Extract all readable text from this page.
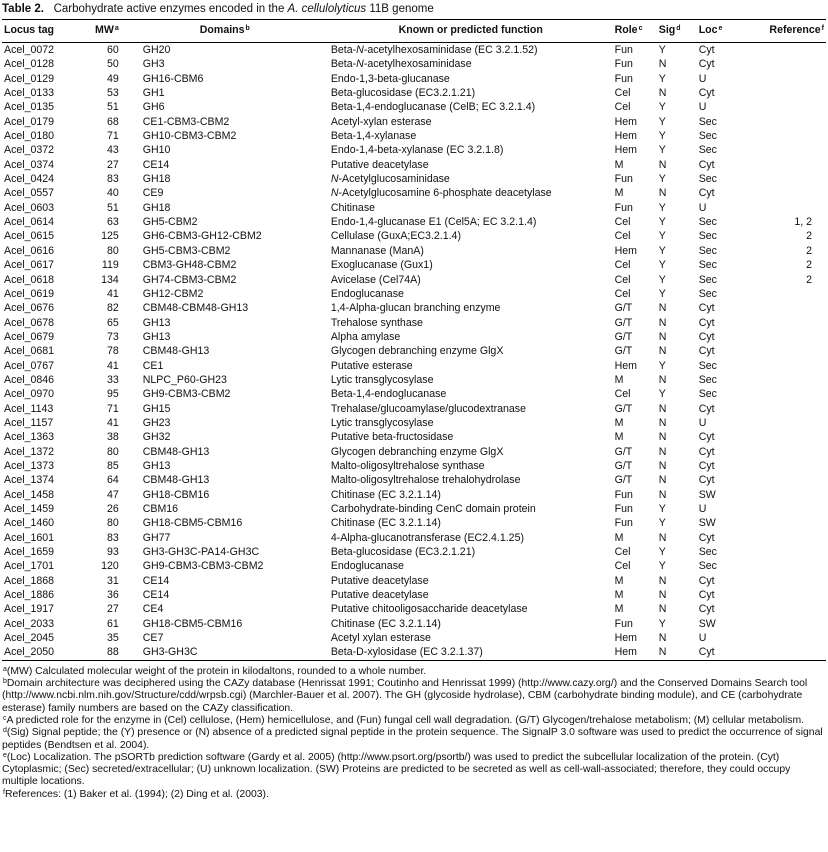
Table 2. Carbohydrate active enzymes encoded in the A. cellulolyticus 11B genome
Locus tag	$MW^a$	Domains$^b$	Known or predicted function	Role$^c$	Sig$^d$	Loc$^e$	Reference$^f$

Acel_0072	60	GH20	Beta-N-acetylhexosaminidase (EC 3.2.1.52)	Fun	Y	Cyt	
Acel_0128	50	GH3	Beta-N-acetylhexosaminidase	Fun	N	Cyt	
Acel_0129	49	GH16-CBM6	Endo-1,3-beta-glucanase	Fun	Y	U	
Acel_0133	53	GH1	Beta-glucosidase (EC3.2.1.21)	Cel	N	Cyt	
Acel_0135	51	GH6	Beta-1,4-endoglucanase (CelB; EC 3.2.1.4)	Cel	Y	U	
Acel_0179	68	CE1-CBM3-CBM2	Acetyl-xylan esterase	Hem	Y	Sec	
Acel_0180	71	GH10-CBM3-CBM2	Beta-1,4-xylanase	Hem	Y	Sec	
Acel_0372	43	GH10	Endo-1,4-beta-xylanase (EC 3.2.1.8)	Hem	Y	Sec	
Acel_0374	27	CE14	Putative deacetylase	M	N	Cyt	
Acel_0424	83	GH18	N-Acetylglucosaminidase	Fun	Y	Sec	
Acel_0557	40	CE9	N-Acetylglucosamine 6-phosphate deacetylase	M	N	Cyt	
Acel_0603	51	GH18	Chitinase	Fun	Y	U	
Acel_0614	63	GH5-CBM2	Endo-1,4-glucanase E1 (Cel5A; EC 3.2.1.4)	Cel	Y	Sec	1, 2
Acel_0615	125	GH6-CBM3-GH12-CBM2	Cellulase (GuxA;EC3.2.1.4)	Cel	Y	Sec	2
Acel_0616	80	GH5-CBM3-CBM2	Mannanase (ManA)	Hem	Y	Sec	2
Acel_0617	119	CBM3-GH48-CBM2	Exoglucanase (Gux1)	Cel	Y	Sec	2
Acel_0618	134	GH74-CBM3-CBM2	Avicelase (Cel74A)	Cel	Y	Sec	2
Acel_0619	41	GH12-CBM2	Endoglucanase	Cel	Y	Sec	
Acel_0676	82	CBM48-CBM48-GH13	1,4-Alpha-glucan branching enzyme	G/T	N	Cyt	
Acel_0678	65	GH13	Trehalose synthase	G/T	N	Cyt	
Acel_0679	73	GH13	Alpha amylase	G/T	N	Cyt	
Acel_0681	78	CBM48-GH13	Glycogen debranching enzyme GlgX	G/T	N	Cyt	
Acel_0767	41	CE1	Putative esterase	Hem	Y	Sec	
Acel_0846	33	NLPC_P60-GH23	Lytic transglycosylase	M	N	Sec	
Acel_0970	95	GH9-CBM3-CBM2	Beta-1,4-endoglucanase	Cel	Y	Sec	
Acel_1143	71	GH15	Trehalase/glucoamylase/glucodextranase	G/T	N	Cyt	
Acel_1157	41	GH23	Lytic transglycosylase	M	N	U	
Acel_1363	38	GH32	Putative beta-fructosidase	M	N	Cyt	
Acel_1372	80	CBM48-GH13	Glycogen debranching enzyme GlgX	G/T	N	Cyt	
Acel_1373	85	GH13	Malto-oligosyltrehalose synthase	G/T	N	Cyt	
Acel_1374	64	CBM48-GH13	Malto-oligosyltrehalose trehalohydrolase	G/T	N	Cyt	
Acel_1458	47	GH18-CBM16	Chitinase (EC 3.2.1.14)	Fun	N	SW	
Acel_1459	26	CBM16	Carbohydrate-binding CenC domain protein	Fun	Y	U	
Acel_1460	80	GH18-CBM5-CBM16	Chitinase (EC 3.2.1.14)	Fun	Y	SW	
Acel_1601	83	GH77	4-Alpha-glucanotransferase (EC2.4.1.25)	M	N	Cyt	
Acel_1659	93	GH3-GH3C-PA14-GH3C	Beta-glucosidase (EC3.2.1.21)	Cel	Y	Sec	
Acel_1701	120	GH9-CBM3-CBM3-CBM2	Endoglucanase	Cel	Y	Sec	
Acel_1868	31	CE14	Putative deacetylase	M	N	Cyt	
Acel_1886	36	CE14	Putative deacetylase	M	N	Cyt	
Acel_1917	27	CE4	Putative chitooligosaccharide deacetylase	M	N	Cyt	
Acel_2033	61	GH18-CBM5-CBM16	Chitinase (EC 3.2.1.14)	Fun	Y	SW	
Acel_2045	35	CE7	Acetyl xylan esterase	Hem	N	U	
Acel_2050	88	GH3-GH3C	Beta-D-xylosidase (EC 3.2.1.37)	Hem	N	Cyt	

$^a$(MW) Calculated molecular weight of the protein in kilodaltons, rounded to a whole number.

$^b$Domain architecture was deciphered using the CAZy database (Henrissat 1991; Coutinho and Henrissat 1999) (http://www.cazy.org/) and the Conserved Domains Search tool (http://www.ncbi.nlm.nih.gov/Structure/cdd/wrpsb.cgi) (Marchler-Bauer et al. 2007). The GH (glycoside hydrolase), CBM (carbohydrate binding module), and CE (carbohydrate esterase) family numbers are based on the CAZy classification.

$^c$A predicted role for the enzyme in (Cel) cellulose, (Hem) hemicellulose, and (Fun) fungal cell wall degradation. (G/T) Glycogen/trehalose metabolism; (M) cellular metabolism.

$^d$(Sig) Signal peptide; the (Y) presence or (N) absence of a predicted signal peptide in the protein sequence. The SignalP 3.0 software was used to predict the occurrence of signal peptides (Bendtsen et al. 2004).

$^e$(Loc) Localization. The pSORTb prediction software (Gardy et al. 2005) (http://www.psort.org/psortb/) was used to predict the subcellular localization of the protein. (Cyt) Cytoplasmic; (Sec) secreted/extracellular; (U) unknown localization. (SW) Proteins are predicted to be secreted as well as cell-wall-associated; therefore, they could occupy multiple locations.

$^f$References: (1) Baker et al. (1994); (2) Ding et al. (2003).
